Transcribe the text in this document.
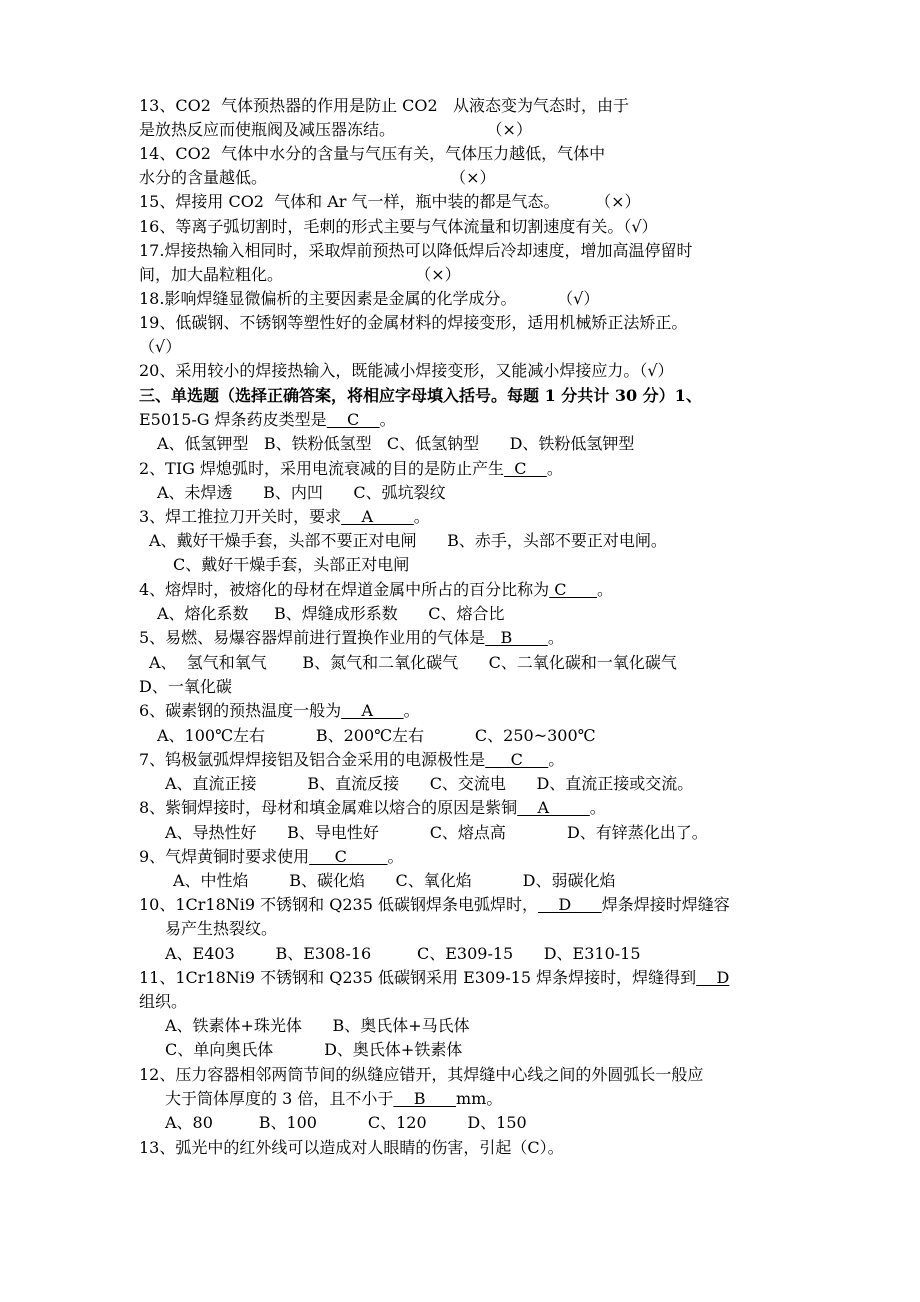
13、CO2  气体预热器的作用是防止 CO2   从液态变为气态时，由于
是放热反应而使瓶阀及减压器冻结。                  （×）
14、CO2  气体中水分的含量与气压有关，气体压力越低，气体中
水分的含量越低。                                    （×）
15、焊接用 CO2  气体和 Ar 气一样，瓶中装的都是气态。       （×）
16、等离子弧切割时，毛刺的形式主要与气体流量和切割速度有关。（√）
17.焊接热输入相同时，采取焊前预热可以降低焊后冷却速度，增加高温停留时
间，加大晶粒粗化。                          （×）
18.影响焊缝显微偏析的主要因素是金属的化学成分。        （√）
19、低碳钢、不锈钢等塑性好的金属材料的焊接变形，适用机械矫正法矫正。
（√）
20、采用较小的焊接热输入，既能减小焊接变形，又能减小焊接应力。（√）
三、单选题（选择正确答案，将相应字母填入括号。每题 1 分共计 30 分）1、
E5015-G 焊条药皮类型是    C    。
A、低氢钾型   B、铁粉低氢型   C、低氢钠型      D、铁粉低氢钾型
2、TIG 焊熄弧时，采用电流衰减的目的是防止产生  C    。
A、未焊透      B、内凹      C、弧坑裂纹
3、焊工推拉刀开关时，要求    A        。
A、戴好干燥手套，头部不要正对电闸      B、赤手，头部不要正对电闸。
C、戴好干燥手套，头部正对电闸
4、熔焊时，被熔化的母材在焊道金属中所占的百分比称为 C      。
A、熔化系数     B、焊缝成形系数      C、熔合比
5、易燃、易爆容器焊前进行置换作业用的气体是   B       。
A、  氢气和氧气       B、氮气和二氧化碳气      C、二氧化碳和一氧化碳气
D、一氧化碳
6、碳素钢的预热温度一般为    A      。
A、100℃左右          B、200℃左右          C、250~300℃
7、钨极氩弧焊焊接铝及铝合金采用的电源极性是     C     。
A、直流正接          B、直流反接      C、交流电      D、直流正接或交流。
8、紫铜焊接时，母材和填金属难以熔合的原因是紫铜    A        。
A、导热性好      B、导电性好          C、熔点高            D、有锌蒸化出了。
9、气焊黄铜时要求使用     C        。
A、中性焰        B、碳化焰      C、氧化焰          D、弱碳化焰
10、1Cr18Ni9 不锈钢和 Q235 低碳钢焊条电弧焊时，    D      焊条焊接时焊缝容
易产生热裂纹。
A、E403        B、E308-16         C、E309-15      D、E310-15
11、1Cr18Ni9 不锈钢和 Q235 低碳钢采用 E309-15 焊条焊接时，焊缝得到    D
组织。
A、铁素体+珠光体      B、奥氏体+马氏体
C、单向奥氏体          D、奥氏体+铁素体
12、压力容器相邻两筒节间的纵缝应错开，其焊缝中心线之间的外圆弧长一般应
大于筒体厚度的 3 倍，且不小于    B      mm。
A、80         B、100          C、120        D、150
13、弧光中的红外线可以造成对人眼睛的伤害，引起（C）。
